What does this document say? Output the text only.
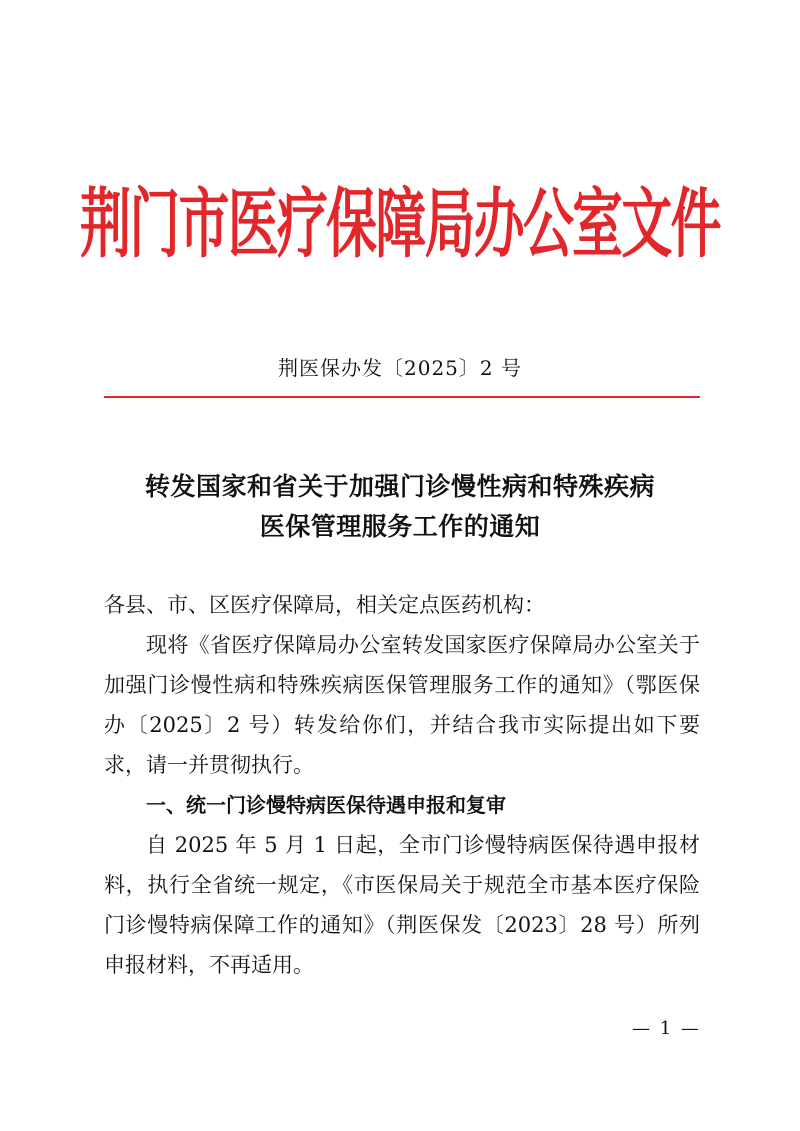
荆门市医疗保障局办公室文件
荆医保办发〔2025〕2 号
转发国家和省关于加强门诊慢性病和特殊疾病
医保管理服务工作的通知
各县、市、区医疗保障局，相关定点医药机构：
现将《省医疗保障局办公室转发国家医疗保障局办公室关于加强门诊慢性病和特殊疾病医保管理服务工作的通知》（鄂医保办〔2025〕2 号）转发给你们，并结合我市实际提出如下要求，请一并贯彻执行。
一、统一门诊慢特病医保待遇申报和复审
自 2025 年 5 月 1 日起，全市门诊慢特病医保待遇申报材料，执行全省统一规定，《市医保局关于规范全市基本医疗保险门诊慢特病保障工作的通知》（荆医保发〔2023〕28 号）所列申报材料，不再适用。
— 1 —
